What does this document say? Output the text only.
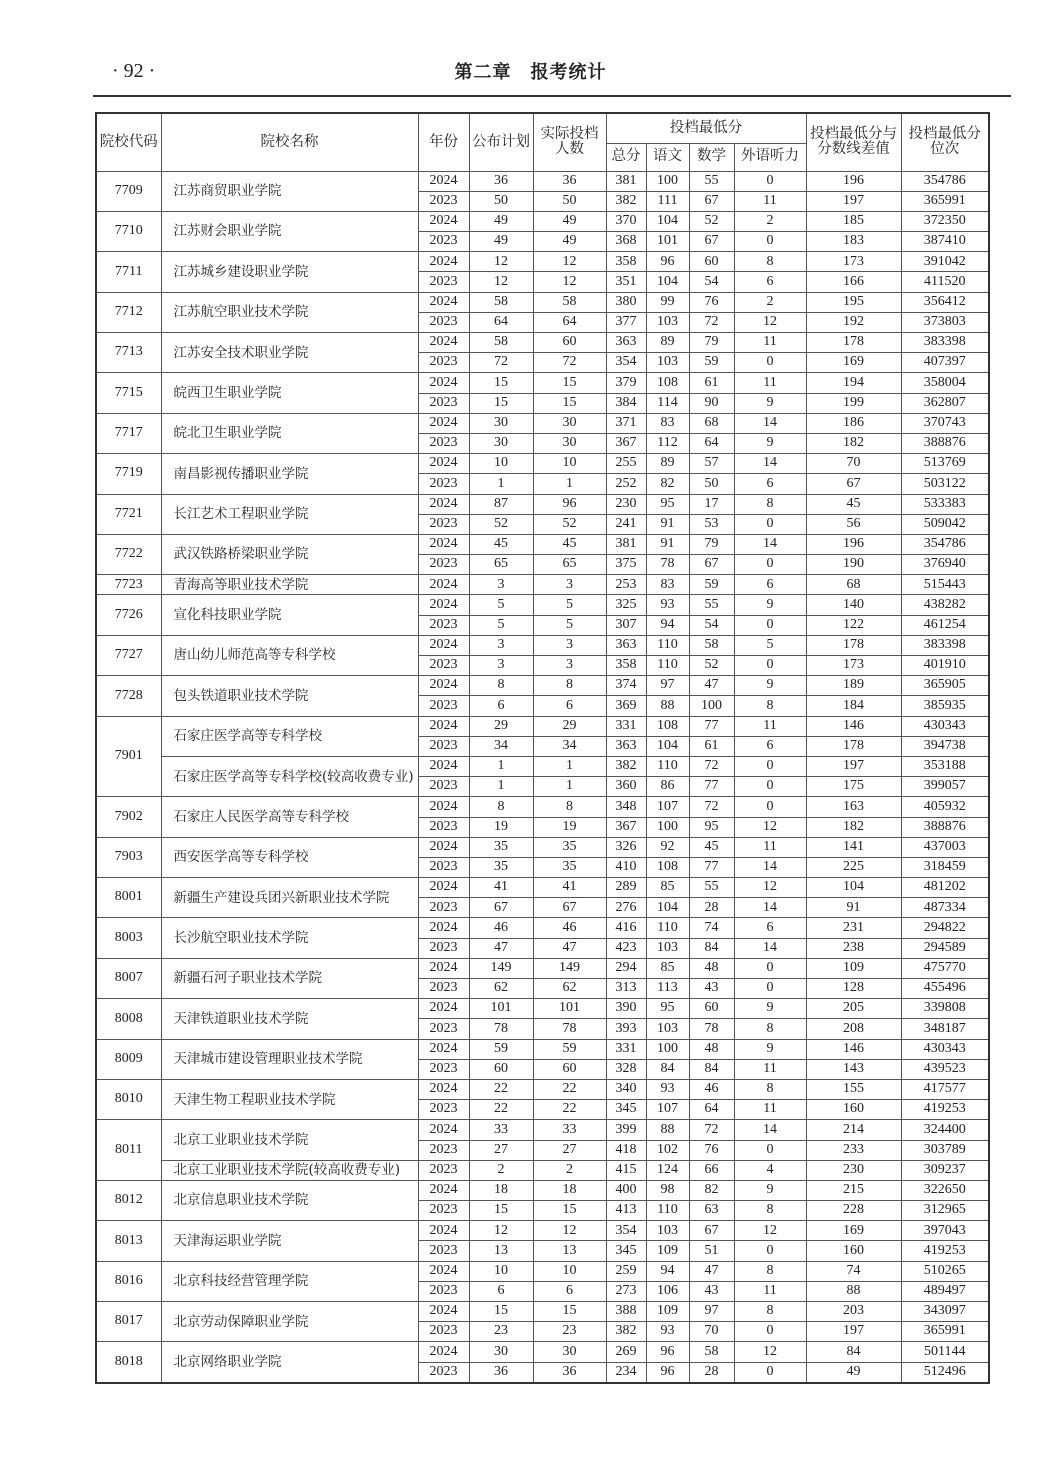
· 92 ·	第二章　报考统计
院校代码	院校名称	年份	公布计划	实际投档人数	投档最低分				投档最低分与分数线差值	投档最低分位次
					总分	语文	数学	外语听力		
7709	江苏商贸职业学院	2024	36	36	381	100	55	0	196	354786
		2023	50	50	382	111	67	11	197	365991
7710	江苏财会职业学院	2024	49	49	370	104	52	2	185	372350
		2023	49	49	368	101	67	0	183	387410
7711	江苏城乡建设职业学院	2024	12	12	358	96	60	8	173	391042
		2023	12	12	351	104	54	6	166	411520
7712	江苏航空职业技术学院	2024	58	58	380	99	76	2	195	356412
		2023	64	64	377	103	72	12	192	373803
7713	江苏安全技术职业学院	2024	58	60	363	89	79	11	178	383398
		2023	72	72	354	103	59	0	169	407397
7715	皖西卫生职业学院	2024	15	15	379	108	61	11	194	358004
		2023	15	15	384	114	90	9	199	362807
7717	皖北卫生职业学院	2024	30	30	371	83	68	14	186	370743
		2023	30	30	367	112	64	9	182	388876
7719	南昌影视传播职业学院	2024	10	10	255	89	57	14	70	513769
		2023	1	1	252	82	50	6	67	503122
7721	长江艺术工程职业学院	2024	87	96	230	95	17	8	45	533383
		2023	52	52	241	91	53	0	56	509042
7722	武汉铁路桥梁职业学院	2024	45	45	381	91	79	14	196	354786
		2023	65	65	375	78	67	0	190	376940
7723	青海高等职业技术学院	2024	3	3	253	83	59	6	68	515443
7726	宣化科技职业学院	2024	5	5	325	93	55	9	140	438282
		2023	5	5	307	94	54	0	122	461254
7727	唐山幼儿师范高等专科学校	2024	3	3	363	110	58	5	178	383398
		2023	3	3	358	110	52	0	173	401910
7728	包头铁道职业技术学院	2024	8	8	374	97	47	9	189	365905
		2023	6	6	369	88	100	8	184	385935
7901	石家庄医学高等专科学校	2024	29	29	331	108	77	11	146	430343
		2023	34	34	363	104	61	6	178	394738
	石家庄医学高等专科学校(较高收费专业)	2024	1	1	382	110	72	0	197	353188
		2023	1	1	360	86	77	0	175	399057
7902	石家庄人民医学高等专科学校	2024	8	8	348	107	72	0	163	405932
		2023	19	19	367	100	95	12	182	388876
7903	西安医学高等专科学校	2024	35	35	326	92	45	11	141	437003
		2023	35	35	410	108	77	14	225	318459
8001	新疆生产建设兵团兴新职业技术学院	2024	41	41	289	85	55	12	104	481202
		2023	67	67	276	104	28	14	91	487334
8003	长沙航空职业技术学院	2024	46	46	416	110	74	6	231	294822
		2023	47	47	423	103	84	14	238	294589
8007	新疆石河子职业技术学院	2024	149	149	294	85	48	0	109	475770
		2023	62	62	313	113	43	0	128	455496
8008	天津铁道职业技术学院	2024	101	101	390	95	60	9	205	339808
		2023	78	78	393	103	78	8	208	348187
8009	天津城市建设管理职业技术学院	2024	59	59	331	100	48	9	146	430343
		2023	60	60	328	84	84	11	143	439523
8010	天津生物工程职业技术学院	2024	22	22	340	93	46	8	155	417577
		2023	22	22	345	107	64	11	160	419253
8011	北京工业职业技术学院	2024	33	33	399	88	72	14	214	324400
		2023	27	27	418	102	76	0	233	303789
	北京工业职业技术学院(较高收费专业)	2023	2	2	415	124	66	4	230	309237
8012	北京信息职业技术学院	2024	18	18	400	98	82	9	215	322650
		2023	15	15	413	110	63	8	228	312965
8013	天津海运职业学院	2024	12	12	354	103	67	12	169	397043
		2023	13	13	345	109	51	0	160	419253
8016	北京科技经营管理学院	2024	10	10	259	94	47	8	74	510265
		2023	6	6	273	106	43	11	88	489497
8017	北京劳动保障职业学院	2024	15	15	388	109	97	8	203	343097
		2023	23	23	382	93	70	0	197	365991
8018	北京网络职业学院	2024	30	30	269	96	58	12	84	501144
		2023	36	36	234	96	28	0	49	512496
